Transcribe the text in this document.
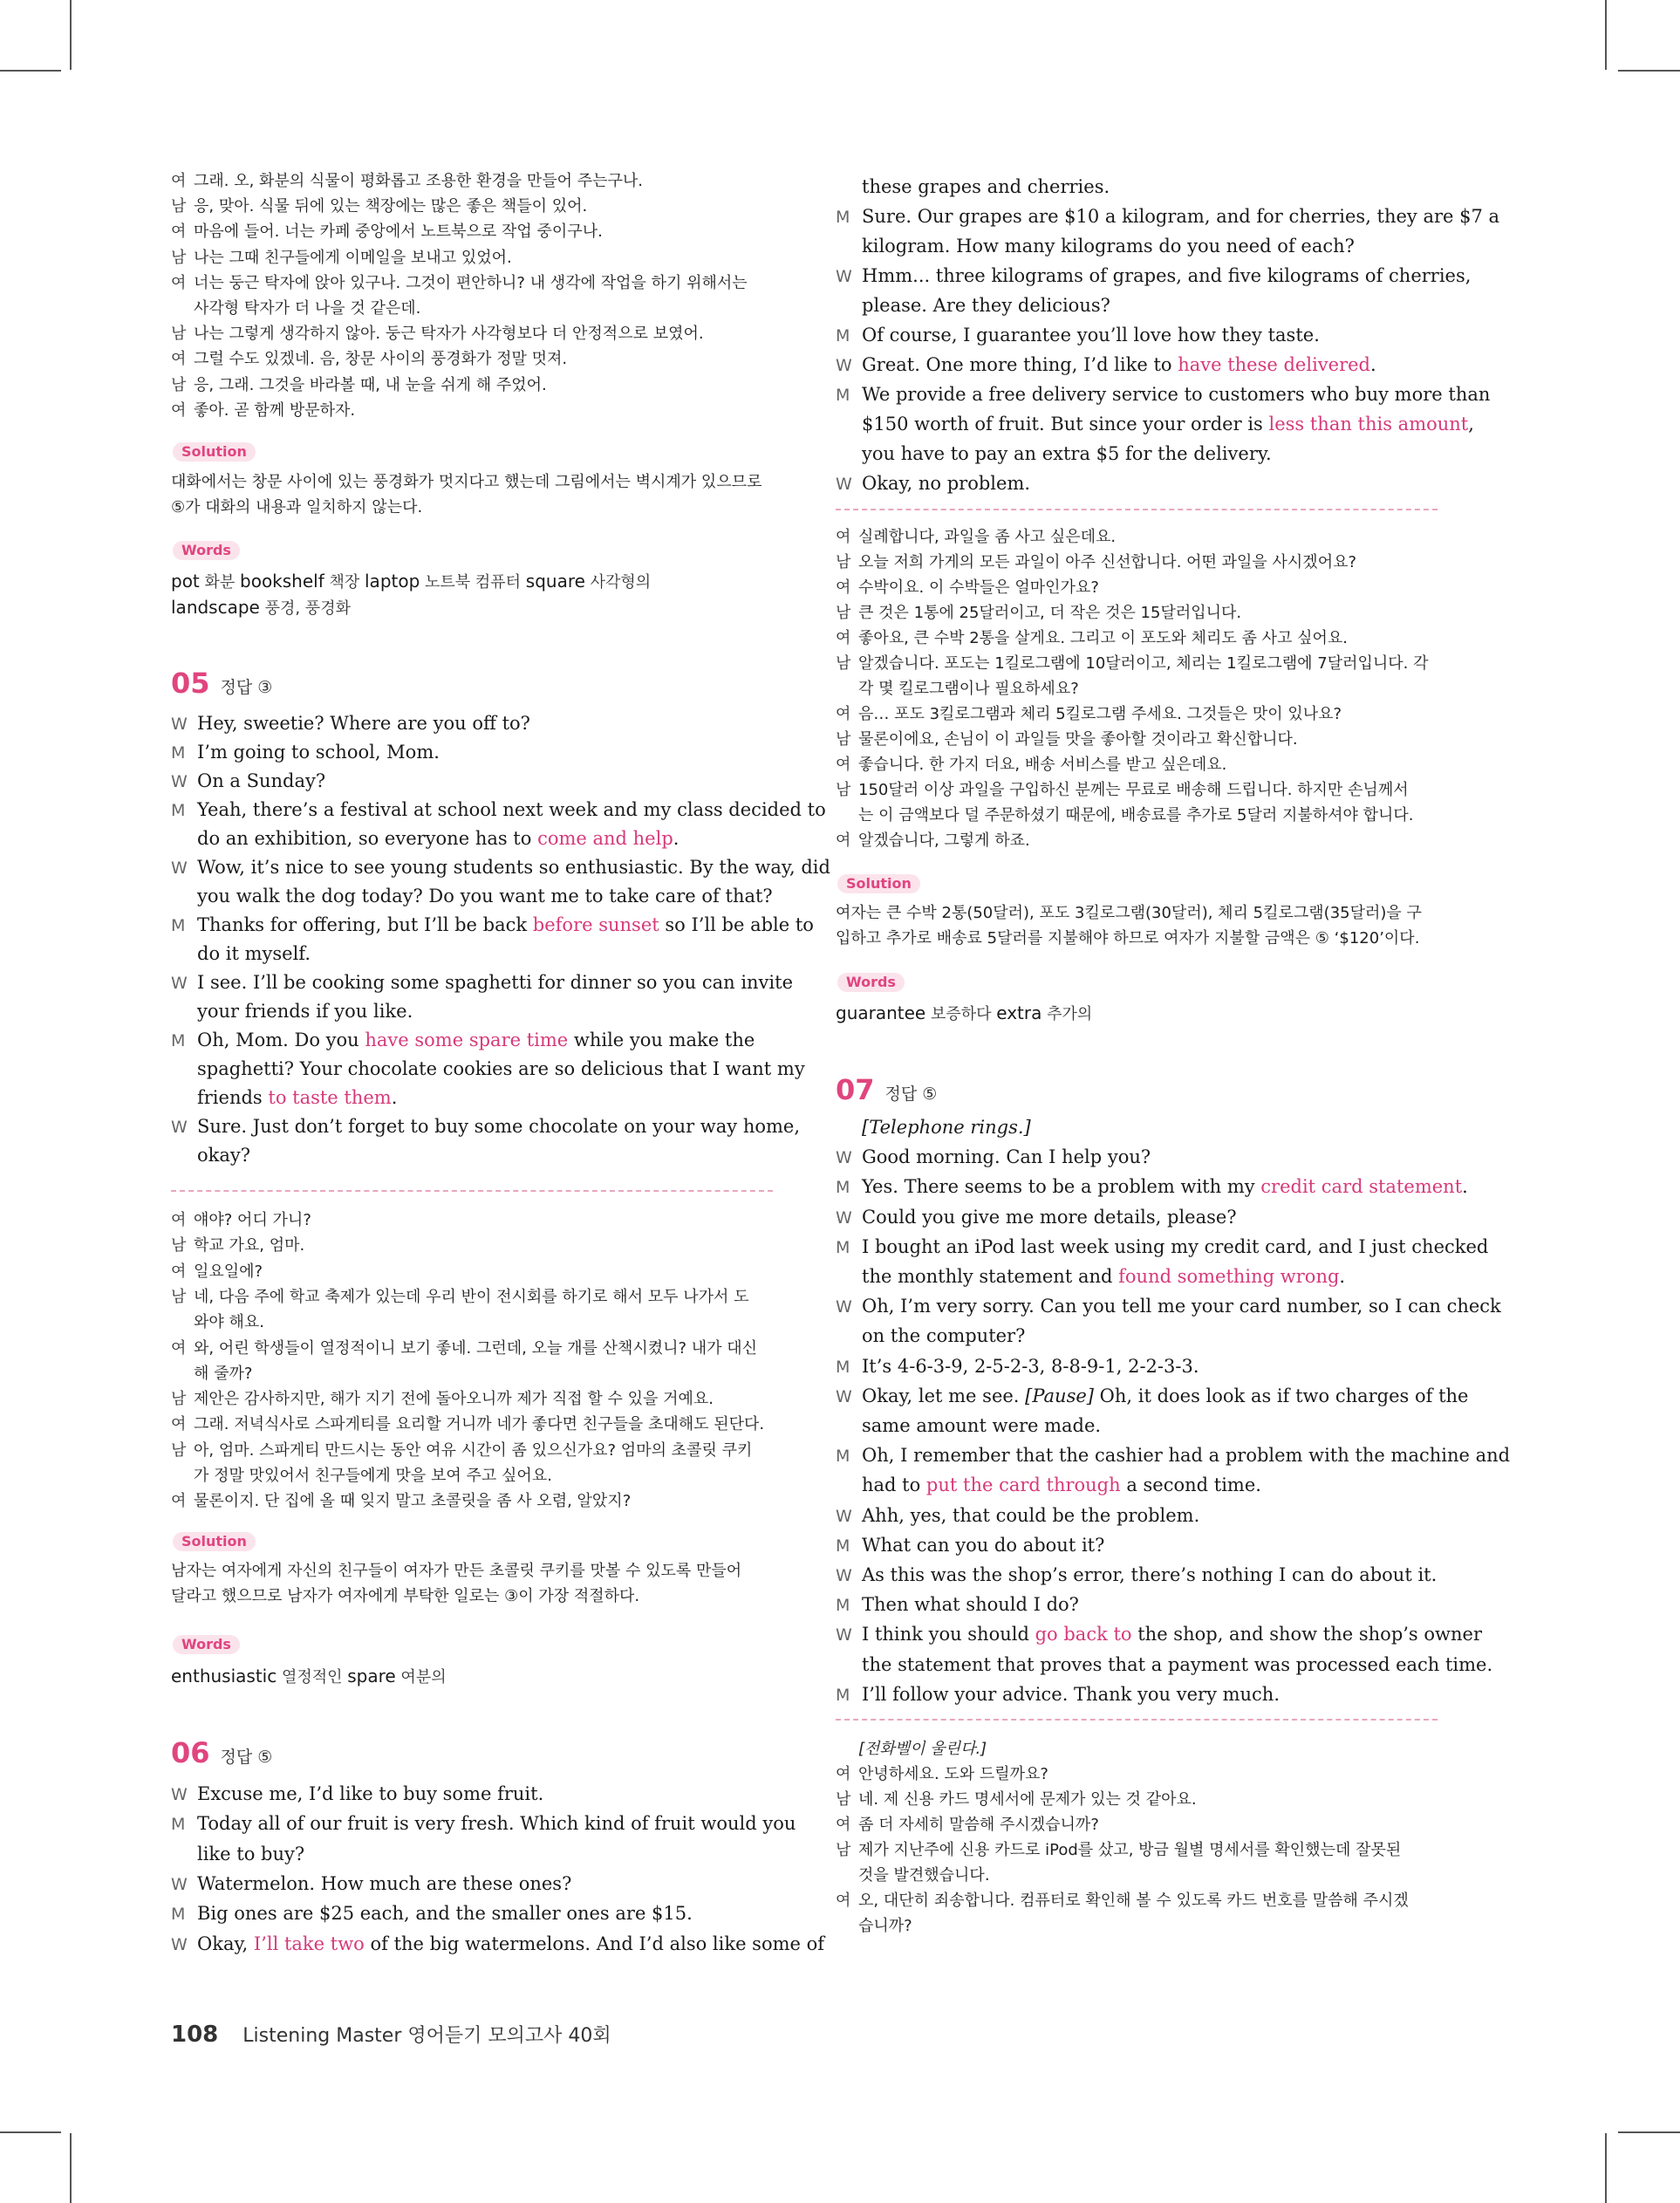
여 그래. 오, 화분의 식물이 평화롭고 조용한 환경을 만들어 주는구나.
남 응, 맞아. 식물 뒤에 있는 책장에는 많은 좋은 책들이 있어.
여 마음에 들어. 너는 카페 중앙에서 노트북으로 작업 중이구나.
남 나는 그때 친구들에게 이메일을 보내고 있었어.
여 너는 둥근 탁자에 앉아 있구나. 그것이 편안하니? 내 생각에 작업을 하기 위해서는
사각형 탁자가 더 나을 것 같은데.
남 나는 그렇게 생각하지 않아. 둥근 탁자가 사각형보다 더 안정적으로 보였어.
여 그럴 수도 있겠네. 음, 창문 사이의 풍경화가 정말 멋져.
남 응, 그래. 그것을 바라볼 때, 내 눈을 쉬게 해 주었어.
여 좋아. 곧 함께 방문하자.
Solution
대화에서는 창문 사이에 있는 풍경화가 멋지다고 했는데 그림에서는 벽시계가 있으므로
⑤가 대화의 내용과 일치하지 않는다.
Words
pot 화분 bookshelf 책장 laptop 노트북 컴퓨터 square 사각형의
landscape 풍경, 풍경화
05 정답 ③
W Hey, sweetie? Where are you off to?
M I’m going to school, Mom.
W On a Sunday?
M Yeah, there’s a festival at school next week and my class decided to
do an exhibition, so everyone has to come and help.
W Wow, it’s nice to see young students so enthusiastic. By the way, did
you walk the dog today? Do you want me to take care of that?
M Thanks for offering, but I’ll be back before sunset so I’ll be able to
do it myself.
W I see. I’ll be cooking some spaghetti for dinner so you can invite
your friends if you like.
M Oh, Mom. Do you have some spare time while you make the
spaghetti? Your chocolate cookies are so delicious that I want my
friends to taste them.
W Sure. Just don’t forget to buy some chocolate on your way home,
okay?
여 얘야? 어디 가니?
남 학교 가요, 엄마.
여 일요일에?
남 네, 다음 주에 학교 축제가 있는데 우리 반이 전시회를 하기로 해서 모두 나가서 도
와야 해요.
여 와, 어린 학생들이 열정적이니 보기 좋네. 그런데, 오늘 개를 산책시켰니? 내가 대신
해 줄까?
남 제안은 감사하지만, 해가 지기 전에 돌아오니까 제가 직접 할 수 있을 거예요.
여 그래. 저녁식사로 스파게티를 요리할 거니까 네가 좋다면 친구들을 초대해도 된단다.
남 아, 엄마. 스파게티 만드시는 동안 여유 시간이 좀 있으신가요? 엄마의 초콜릿 쿠키
가 정말 맛있어서 친구들에게 맛을 보여 주고 싶어요.
여 물론이지. 단 집에 올 때 잊지 말고 초콜릿을 좀 사 오렴, 알았지?
Solution
남자는 여자에게 자신의 친구들이 여자가 만든 초콜릿 쿠키를 맛볼 수 있도록 만들어
달라고 했으므로 남자가 여자에게 부탁한 일로는 ③이 가장 적절하다.
Words
enthusiastic 열정적인 spare 여분의
06 정답 ⑤
W Excuse me, I’d like to buy some fruit.
M Today all of our fruit is very fresh. Which kind of fruit would you
like to buy?
W Watermelon. How much are these ones?
M Big ones are $25 each, and the smaller ones are $15.
W Okay, I’ll take two of the big watermelons. And I’d also like some of
these grapes and cherries.
M Sure. Our grapes are $10 a kilogram, and for cherries, they are $7 a
kilogram. How many kilograms do you need of each?
W Hmm... three kilograms of grapes, and five kilograms of cherries,
please. Are they delicious?
M Of course, I guarantee you’ll love how they taste.
W Great. One more thing, I’d like to have these delivered.
M We provide a free delivery service to customers who buy more than
$150 worth of fruit. But since your order is less than this amount,
you have to pay an extra $5 for the delivery.
W Okay, no problem.
여 실례합니다, 과일을 좀 사고 싶은데요.
남 오늘 저희 가게의 모든 과일이 아주 신선합니다. 어떤 과일을 사시겠어요?
여 수박이요. 이 수박들은 얼마인가요?
남 큰 것은 1통에 25달러이고, 더 작은 것은 15달러입니다.
여 좋아요, 큰 수박 2통을 살게요. 그리고 이 포도와 체리도 좀 사고 싶어요.
남 알겠습니다. 포도는 1킬로그램에 10달러이고, 체리는 1킬로그램에 7달러입니다. 각
각 몇 킬로그램이나 필요하세요?
여 음… 포도 3킬로그램과 체리 5킬로그램 주세요. 그것들은 맛이 있나요?
남 물론이에요, 손님이 이 과일들 맛을 좋아할 것이라고 확신합니다.
여 좋습니다. 한 가지 더요, 배송 서비스를 받고 싶은데요.
남 150달러 이상 과일을 구입하신 분께는 무료로 배송해 드립니다. 하지만 손님께서
는 이 금액보다 덜 주문하셨기 때문에, 배송료를 추가로 5달러 지불하셔야 합니다.
여 알겠습니다, 그렇게 하죠.
Solution
여자는 큰 수박 2통(50달러), 포도 3킬로그램(30달러), 체리 5킬로그램(35달러)을 구
입하고 추가로 배송료 5달러를 지불해야 하므로 여자가 지불할 금액은 ⑤ ‘$120’이다.
Words
guarantee 보증하다 extra 추가의
07 정답 ⑤
[Telephone rings.]
W Good morning. Can I help you?
M Yes. There seems to be a problem with my credit card statement.
W Could you give me more details, please?
M I bought an iPod last week using my credit card, and I just checked
the monthly statement and found something wrong.
W Oh, I’m very sorry. Can you tell me your card number, so I can check
on the computer?
M It’s 4-6-3-9, 2-5-2-3, 8-8-9-1, 2-2-3-3.
W Okay, let me see. [Pause] Oh, it does look as if two charges of the
same amount were made.
M Oh, I remember that the cashier had a problem with the machine and
had to put the card through a second time.
W Ahh, yes, that could be the problem.
M What can you do about it?
W As this was the shop’s error, there’s nothing I can do about it.
M Then what should I do?
W I think you should go back to the shop, and show the shop’s owner
the statement that proves that a payment was processed each time.
M I’ll follow your advice. Thank you very much.
[전화벨이 울린다.]
여 안녕하세요. 도와 드릴까요?
남 네. 제 신용 카드 명세서에 문제가 있는 것 같아요.
여 좀 더 자세히 말씀해 주시겠습니까?
남 제가 지난주에 신용 카드로 iPod를 샀고, 방금 월별 명세서를 확인했는데 잘못된
것을 발견했습니다.
여 오, 대단히 죄송합니다. 컴퓨터로 확인해 볼 수 있도록 카드 번호를 말씀해 주시겠
습니까?
108 Listening Master 영어듣기 모의고사 40회
